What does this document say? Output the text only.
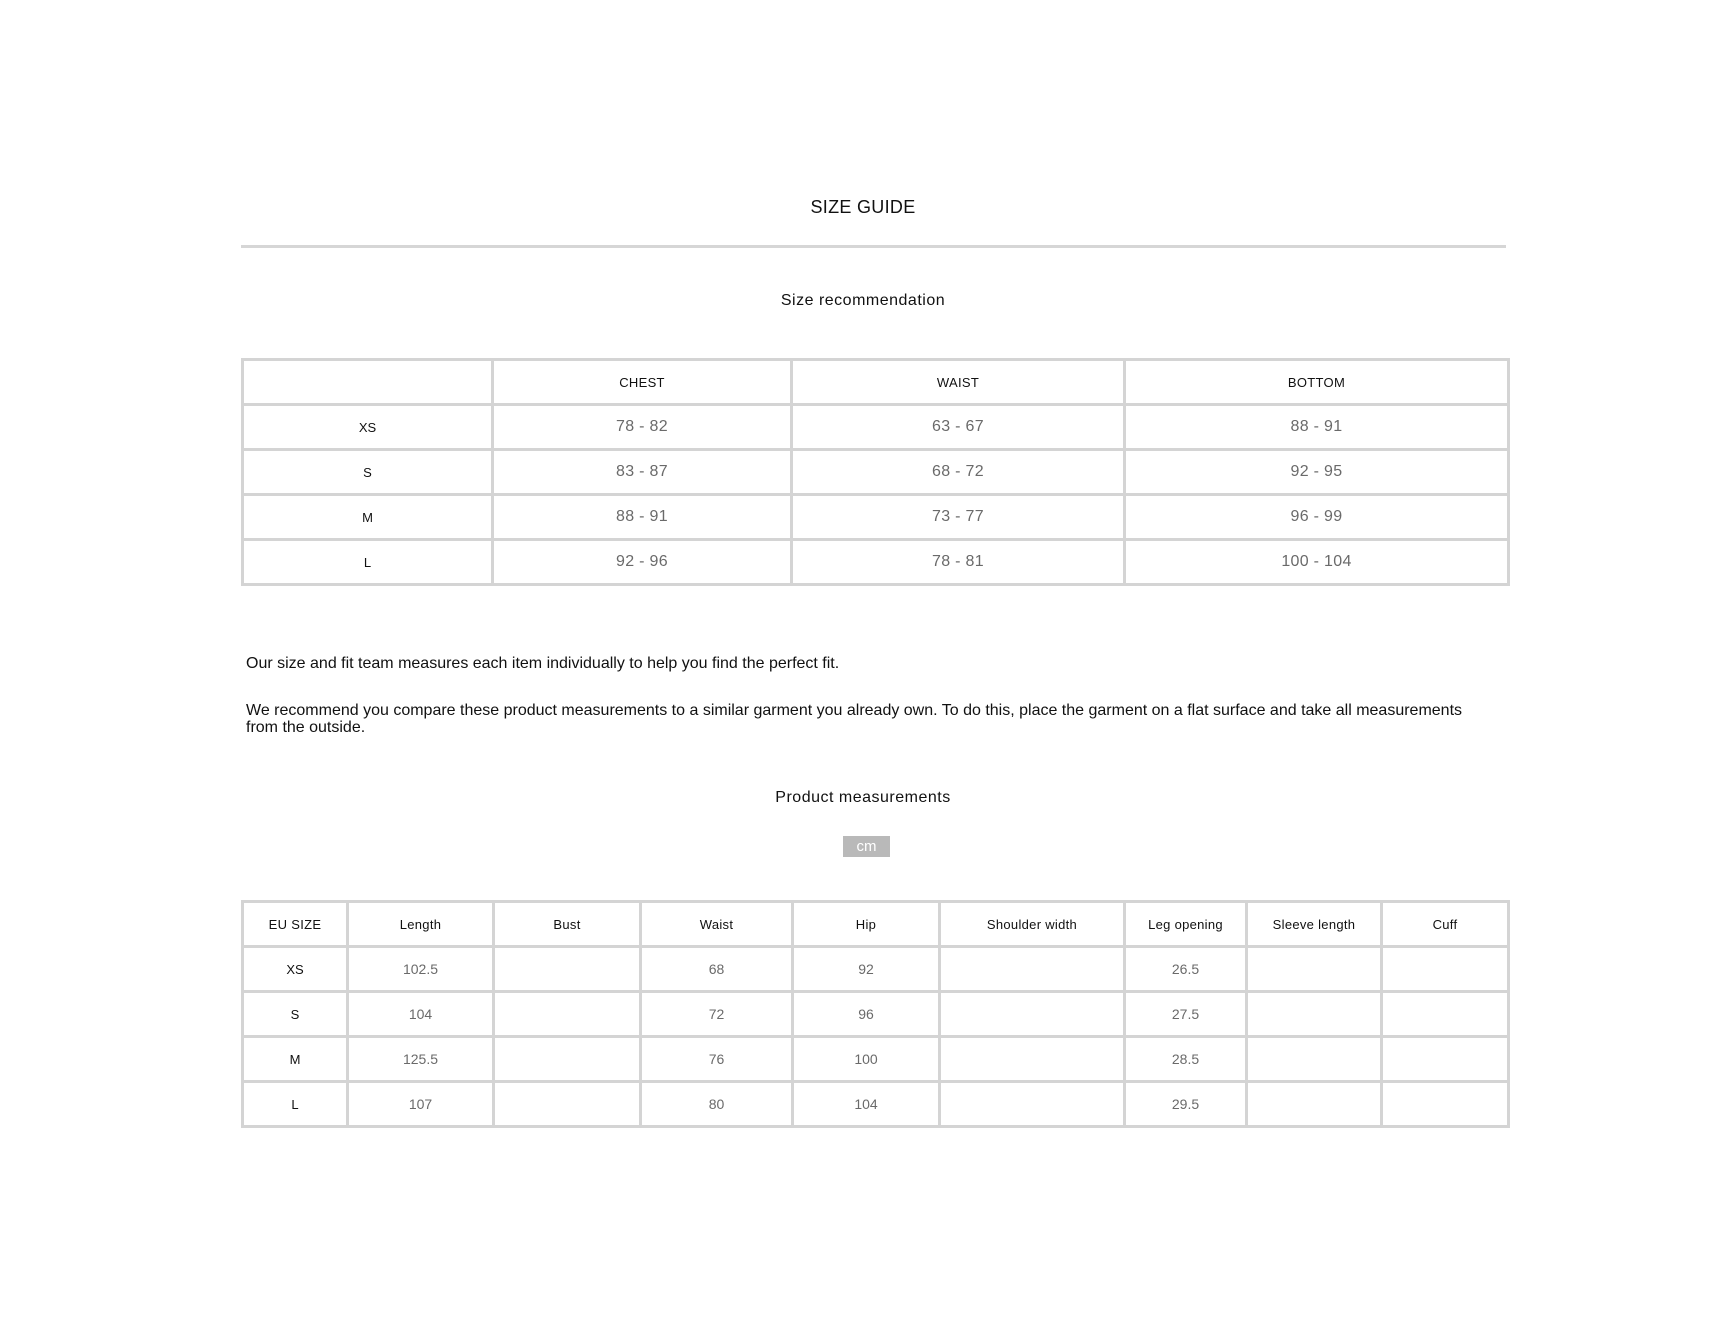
SIZE GUIDE
Size recommendation
	CHEST	WAIST	BOTTOM
XS	78 - 82	63 - 67	88 - 91
S	83 - 87	68 - 72	92 - 95
M	88 - 91	73 - 77	96 - 99
L	92 - 96	78 - 81	100 - 104
Our size and fit team measures each item individually to help you find the perfect fit.
We recommend you compare these product measurements to a similar garment you already own. To do this, place the garment on a flat surface and take all measurements from the outside.
Product measurements
cm
EU SIZE	Length	Bust	Waist	Hip	Shoulder width	Leg opening	Sleeve length	Cuff
XS	102.5		68	92		26.5		
S	104		72	96		27.5		
M	125.5		76	100		28.5		
L	107		80	104		29.5		
